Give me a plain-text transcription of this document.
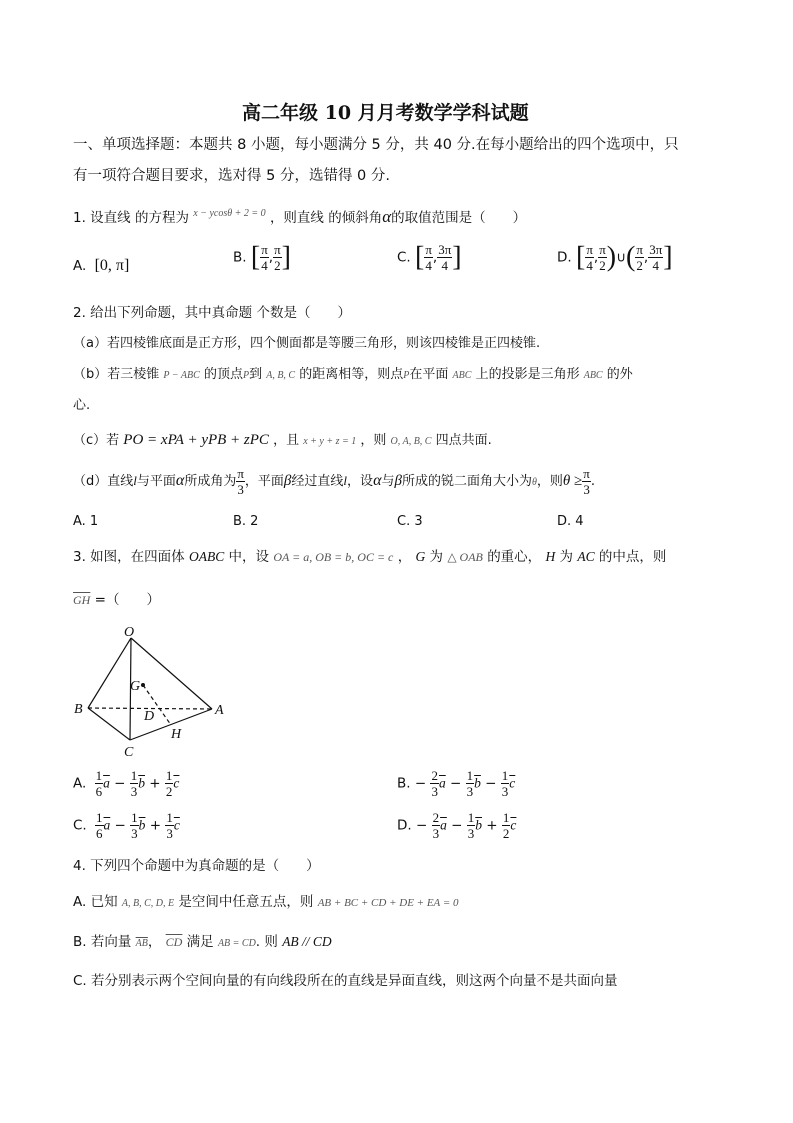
高二年级 10 月月考数学学科试题
一、单项选择题：本题共 8 小题，每小题满分 5 分，共 40 分.在每小题给出的四个选项中，只
有一项符合题目要求，选对得 5 分，选错得 0 分.
1. 设直线 的方程为 $^{x - ycos\theta + 2 = 0}$ ，则直线 的倾斜角α的取值范围是（　　）
A. [0, π]	B. [ $\frac{\pi}{4}$ , $\frac{\pi}{2}$ ]	C. [ $\frac{\pi}{4}$ , $\frac{3\pi}{4}$ ]	D. [ $\frac{\pi}{4}$ , $\frac{\pi}{2}$ )∪( $\frac{\pi}{2}$ , $\frac{3\pi}{4}$ ]
2. 给出下列命题，其中真命题 个数是（　　）
（a）若四棱锥底面是正方形，四个侧面都是等腰三角形，则该四棱锥是正四棱锥.
（b）若三棱锥 P − ABC 的顶点P到 A, B, C 的距离相等，则点P在平面 ABC 上的投影是三角形 ABC 的外
心.
（c）若 PO = xPA + yPB + zPC ，且 x + y + z = 1 ，则 O, A, B, C 四点共面.
（d）直线l与平面α所成角为 $\frac{\pi}{3}$ ，平面β经过直线l，设α与β所成的锐二面角大小为θ，则$\theta \ge \frac{\pi}{3}$ .
A. 1	B. 2	C. 3	D. 4
3. 如图，在四面体 OABC 中，设 OA = a, OB = b, OC = c ， G 为 △ OAB 的重心， H 为 AC 的中点，则
$\overline{GH}$ =（　　）
O
G
B	D	A
H
C
A. $\frac{1}{6} \overline{a} - \frac{1}{3} \overline{b} + \frac{1}{2} \overline{c}$	B. − $\frac{2}{3} \overline{a} - \frac{1}{3} \overline{b} - \frac{1}{3} \overline{c}$
C. $\frac{1}{6} \overline{a} - \frac{1}{3} \overline{b} + \frac{1}{3} \overline{c}$	D. − $\frac{2}{3} \overline{a} - \frac{1}{3} \overline{b} + \frac{1}{2} \overline{c}$
4. 下列四个命题中为真命题的是（　　）
A. 已知 A, B, C, D, E 是空间中任意五点，则 AB + BC + CD + DE + EA = 0
B. 若向量 $\overline{AB}$， $\overline{CD}$ 满足 AB = CD. 则 AB // CD
C. 若分别表示两个空间向量的有向线段所在的直线是异面直线，则这两个向量不是共面向量
